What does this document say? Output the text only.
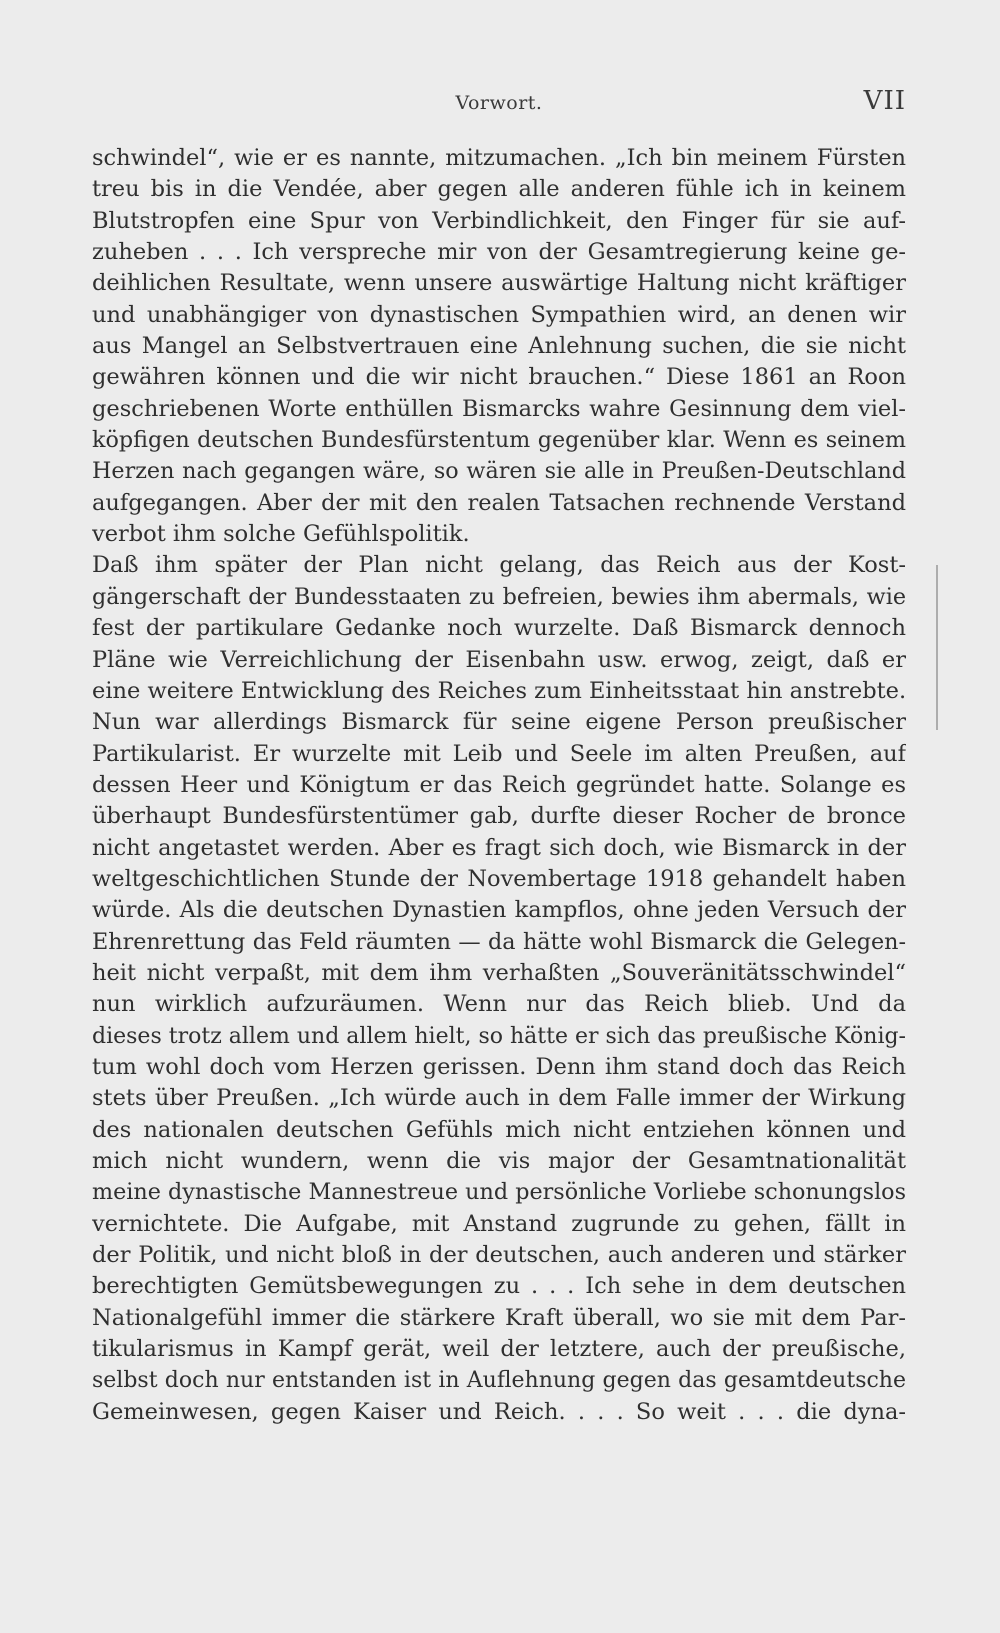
Vorwort.	VII
schwindel“, wie er es nannte, mitzumachen. „Ich bin meinem Fürsten
treu bis in die Vendée, aber gegen alle anderen fühle ich in keinem
Blutstropfen eine Spur von Verbindlichkeit, den Finger für sie auf-
zuheben . . . Ich verspreche mir von der Gesamtregierung keine ge-
deihlichen Resultate, wenn unsere auswärtige Haltung nicht kräftiger
und unabhängiger von dynastischen Sympathien wird, an denen wir
aus Mangel an Selbstvertrauen eine Anlehnung suchen, die sie nicht
gewähren können und die wir nicht brauchen.“ Diese 1861 an Roon
geschriebenen Worte enthüllen Bismarcks wahre Gesinnung dem viel-
köpfigen deutschen Bundesfürstentum gegenüber klar. Wenn es seinem
Herzen nach gegangen wäre, so wären sie alle in Preußen-Deutschland
aufgegangen. Aber der mit den realen Tatsachen rechnende Verstand
verbot ihm solche Gefühlspolitik.
Daß ihm später der Plan nicht gelang, das Reich aus der Kost-
gängerschaft der Bundesstaaten zu befreien, bewies ihm abermals, wie
fest der partikulare Gedanke noch wurzelte. Daß Bismarck dennoch
Pläne wie Verreichlichung der Eisenbahn usw. erwog, zeigt, daß er
eine weitere Entwicklung des Reiches zum Einheitsstaat hin anstrebte.
Nun war allerdings Bismarck für seine eigene Person preußischer
Partikularist. Er wurzelte mit Leib und Seele im alten Preußen, auf
dessen Heer und Königtum er das Reich gegründet hatte. Solange es
überhaupt Bundesfürstentümer gab, durfte dieser Rocher de bronce
nicht angetastet werden. Aber es fragt sich doch, wie Bismarck in der
weltgeschichtlichen Stunde der Novembertage 1918 gehandelt haben
würde. Als die deutschen Dynastien kampflos, ohne jeden Versuch der
Ehrenrettung das Feld räumten — da hätte wohl Bismarck die Gelegen-
heit nicht verpaßt, mit dem ihm verhaßten „Souveränitätsschwindel“
nun wirklich aufzuräumen. Wenn nur das Reich blieb. Und da
dieses trotz allem und allem hielt, so hätte er sich das preußische König-
tum wohl doch vom Herzen gerissen. Denn ihm stand doch das Reich
stets über Preußen. „Ich würde auch in dem Falle immer der Wirkung
des nationalen deutschen Gefühls mich nicht entziehen können und
mich nicht wundern, wenn die vis major der Gesamtnationalität
meine dynastische Mannestreue und persönliche Vorliebe schonungslos
vernichtete. Die Aufgabe, mit Anstand zugrunde zu gehen, fällt in
der Politik, und nicht bloß in der deutschen, auch anderen und stärker
berechtigten Gemütsbewegungen zu . . . Ich sehe in dem deutschen
Nationalgefühl immer die stärkere Kraft überall, wo sie mit dem Par-
tikularismus in Kampf gerät, weil der letztere, auch der preußische,
selbst doch nur entstanden ist in Auflehnung gegen das gesamtdeutsche
Gemeinwesen, gegen Kaiser und Reich. . . . So weit . . . die dyna-
